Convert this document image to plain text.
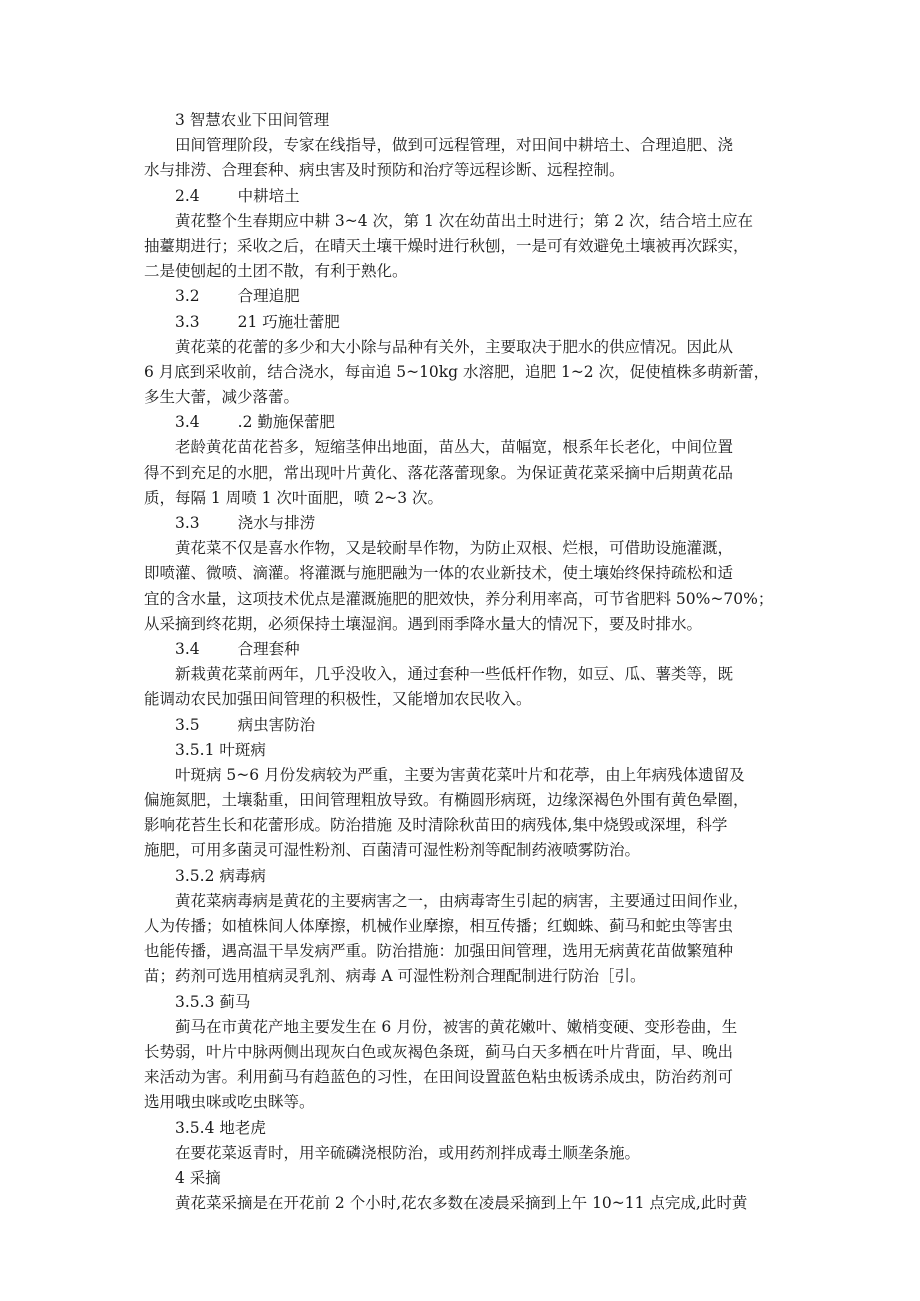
3 智慧农业下田间管理
田间管理阶段，专家在线指导，做到可远程管理，对田间中耕培土、合理追肥、浇
水与排涝、合理套种、病虫害及时预防和治疗等远程诊断、远程控制。
2.4 中耕培土
黄花整个生春期应中耕 3~4 次，第 1 次在幼苗出土时进行；第 2 次，结合培土应在
抽薹期进行；采收之后，在晴天土壤干燥时进行秋刨，一是可有效避免土壤被再次踩实，
二是使刨起的土团不散，有利于熟化。
3.2 合理追肥
3.3 21 巧施壮蕾肥
黄花菜的花蕾的多少和大小除与品种有关外，主要取决于肥水的供应情况。因此从
6 月底到采收前，结合浇水，每亩追 5~10kg 水溶肥，追肥 1~2 次，促使植株多萌新蕾，
多生大蕾，减少落蕾。
3.4 .2 勤施保蕾肥
老龄黄花苗花苔多，短缩茎伸出地面，苗丛大，苗幅宽，根系年长老化，中间位置
得不到充足的水肥，常出现叶片黄化、落花落蕾现象。为保证黄花菜采摘中后期黄花品
质，每隔 1 周喷 1 次叶面肥，喷 2~3 次。
3.3 浇水与排涝
黄花菜不仅是喜水作物，又是较耐旱作物，为防止双根、烂根，可借助设施灌溉，
即喷灌、微喷、滴灌。将灌溉与施肥融为一体的农业新技术，使土壤始终保持疏松和适
宜的含水量，这项技术优点是灌溉施肥的肥效快，养分利用率高，可节省肥料 50%~70%；
从采摘到终花期，必须保持土壤湿润。遇到雨季降水量大的情况下，要及时排水。
3.4 合理套种
新栽黄花菜前两年，几乎没收入，通过套种一些低杆作物，如豆、瓜、薯类等，既
能调动农民加强田间管理的积极性，又能增加农民收入。
3.5 病虫害防治
3.5.1 叶斑病
叶斑病 5~6 月份发病较为严重，主要为害黄花菜叶片和花葶，由上年病残体遗留及
偏施氮肥，土壤黏重，田间管理粗放导致。有椭圆形病斑，边缘深褐色外围有黄色晕圈，
影响花苔生长和花蕾形成。防治措施 及时清除秋苗田的病残体,集中烧毁或深埋，科学
施肥，可用多菌灵可湿性粉剂、百菌清可湿性粉剂等配制药液喷雾防治。
3.5.2 病毒病
黄花菜病毒病是黄花的主要病害之一，由病毒寄生引起的病害，主要通过田间作业，
人为传播；如植株间人体摩擦，机械作业摩擦，相互传播；红蜘蛛、蓟马和蛇虫等害虫
也能传播，遇高温干旱发病严重。防治措施：加强田间管理，选用无病黄花苗做繁殖种
苗；药剂可选用植病灵乳剂、病毒 A 可湿性粉剂合理配制进行防治［引。
3.5.3 蓟马
蓟马在市黄花产地主要发生在 6 月份，被害的黄花嫩叶、嫩梢变硬、变形卷曲，生
长势弱，叶片中脉两侧出现灰白色或灰褐色条斑，蓟马白天多栖在叶片背面，早、晚出
来活动为害。利用蓟马有趋蓝色的习性，在田间设置蓝色粘虫板诱杀成虫，防治药剂可
选用哦虫咪或吃虫眯等。
3.5.4 地老虎
在要花菜返青时，用辛硫磷浇根防治，或用药剂拌成毒土顺垄条施。
4 采摘
黄花菜采摘是在开花前 2 个小时,花农多数在凌晨采摘到上午 10~11 点完成,此时黄
